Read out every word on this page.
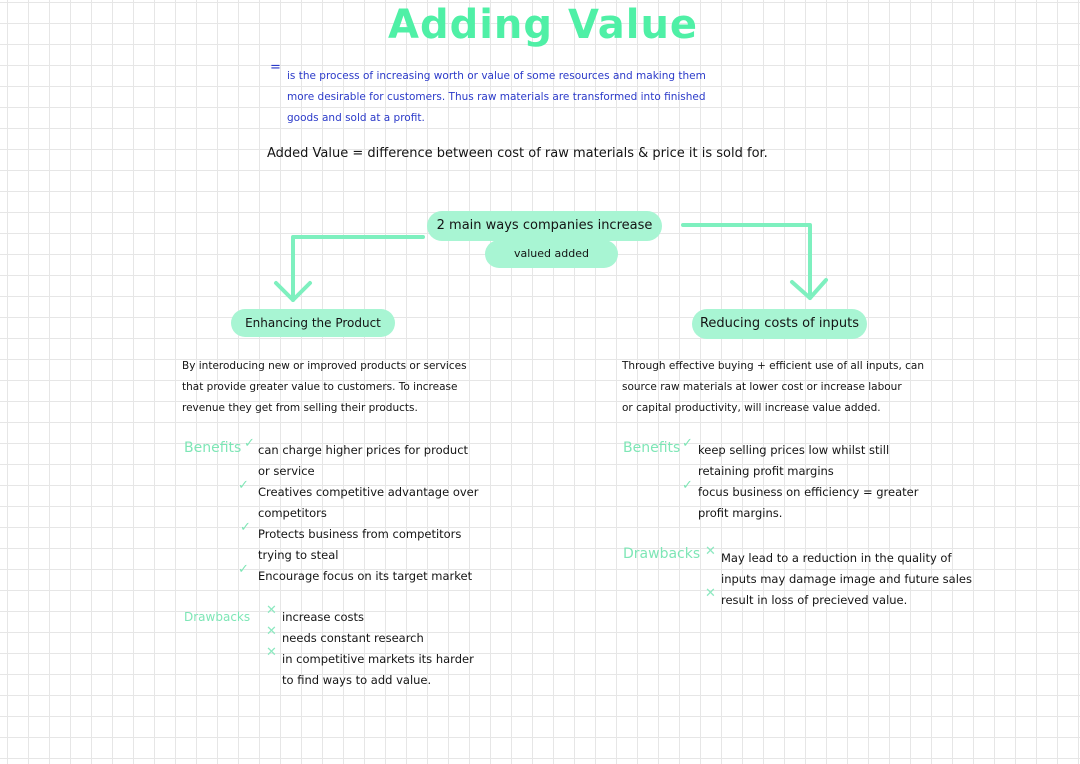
Adding Value
=
is the process of increasing worth or value of some resources and making them
more desirable for customers. Thus raw materials are transformed into finished
goods and sold at a profit.
Added Value = difference between cost of raw materials & price it is sold for.
2 main ways companies increase
valued added
Enhancing the Product	Reducing costs of inputs
By interoducing new or improved products or services
that provide greater value to customers. To increase
revenue they get from selling their products.
Benefits ✓ can charge higher prices for product
or service
✓ Creatives competitive advantage over
competitors
✓ Protects business from competitors
trying to steal
✓ Encourage focus on its target market
Drawbacks ✕ increase costs
✕ needs constant research
✕ in competitive markets its harder
to find ways to add value.
Through effective buying + efficient use of all inputs, can
source raw materials at lower cost or increase labour
or capital productivity, will increase value added.
Benefits ✓ keep selling prices low whilst still
retaining profit margins
✓ focus business on efficiency = greater
profit margins.
Drawbacks ✕ May lead to a reduction in the quality of
inputs may damage image and future sales
✕ result in loss of precieved value.
